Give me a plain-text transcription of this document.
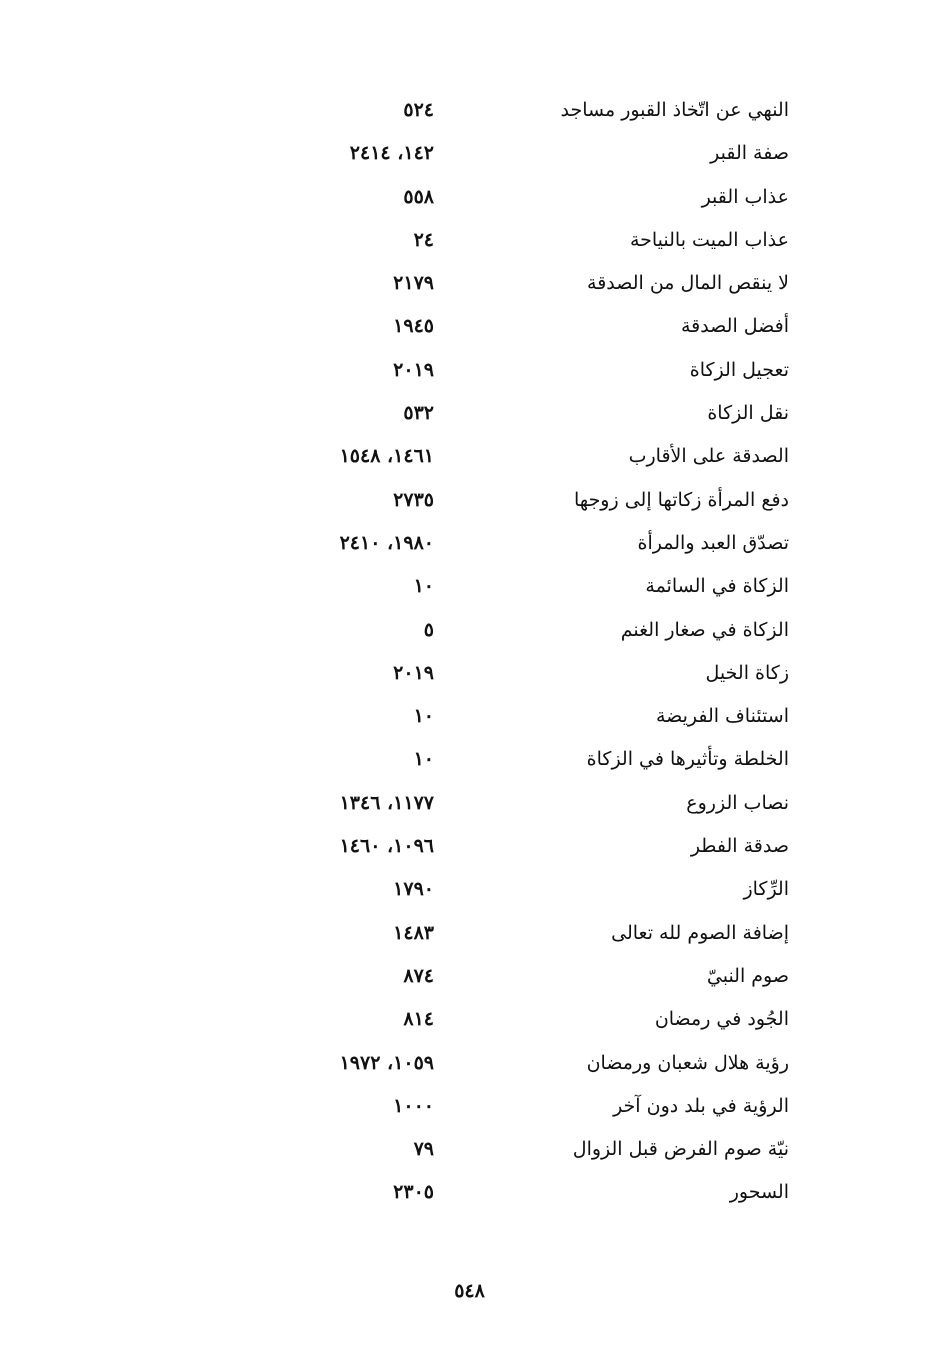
النهي عن اتّخاذ القبور مساجد
٥٢٤
صفة القبر
١٤٢، ٢٤١٤
عذاب القبر
٥٥٨
عذاب الميت بالنياحة
٢٤
لا ينقص المال من الصدقة
٢١٧٩
أفضل الصدقة
١٩٤٥
تعجيل الزكاة
٢٠١٩
نقل الزكاة
٥٣٢
الصدقة على الأقارب
١٤٦١، ١٥٤٨
دفع المرأة زكاتها إلى زوجها
٢٧٣٥
تصدّق العبد والمرأة
١٩٨٠، ٢٤١٠
الزكاة في السائمة
١٠
الزكاة في صغار الغنم
٥
زكاة الخيل
٢٠١٩
استئناف الفريضة
١٠
الخلطة وتأثيرها في الزكاة
١٠
نصاب الزروع
١١٧٧، ١٣٤٦
صدقة الفطر
١٠٩٦، ١٤٦٠
الرِّكاز
١٧٩٠
إضافة الصوم لله تعالى
١٤٨٣
صوم النبيّ
٨٧٤
الجُود في رمضان
٨١٤
رؤية هلال شعبان ورمضان
١٠٥٩، ١٩٧٢
الرؤية في بلد دون آخر
١٠٠٠
نيّة صوم الفرض قبل الزوال
٧٩
السحور
٢٣٠٥
٥٤٨
